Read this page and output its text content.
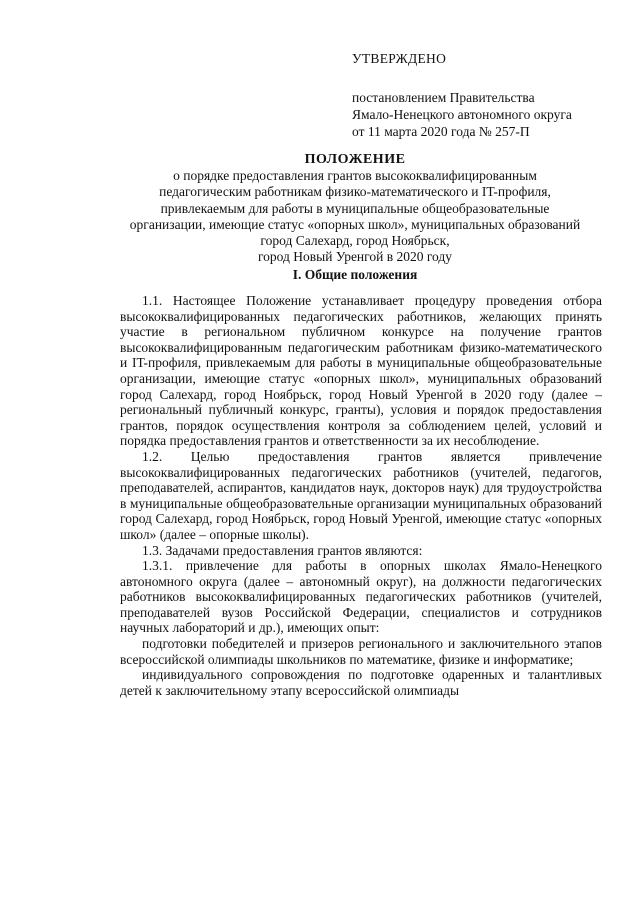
УТВЕРЖДЕНО
постановлением Правительства
Ямало-Ненецкого автономного округа
от 11 марта 2020 года № 257-П
ПОЛОЖЕНИЕ
о порядке предоставления грантов высококвалифицированным
педагогическим работникам физико-математического и IT-профиля,
привлекаемым для работы в муниципальные общеобразовательные
организации, имеющие статус «опорных школ», муниципальных образований
город Салехард, город Ноябрьск,
город Новый Уренгой в 2020 году
I. Общие положения

1.1. Настоящее Положение устанавливает процедуру проведения отбора высококвалифицированных педагогических работников, желающих принять участие в региональном публичном конкурсе на получение грантов высококвалифицированным педагогическим работникам физико-математического и IT-профиля, привлекаемым для работы в муниципальные общеобразовательные организации, имеющие статус «опорных школ», муниципальных образований город Салехард, город Ноябрьск, город Новый Уренгой в 2020 году (далее – региональный публичный конкурс, гранты), условия и порядок предоставления грантов, порядок осуществления контроля за соблюдением целей, условий и порядка предоставления грантов и ответственности за их несоблюдение.

1.2. Целью предоставления грантов является привлечение высококвалифицированных педагогических работников (учителей, педагогов, преподавателей, аспирантов, кандидатов наук, докторов наук) для трудоустройства в муниципальные общеобразовательные организации муниципальных образований город Салехард, город Ноябрьск, город Новый Уренгой, имеющие статус «опорных школ» (далее – опорные школы).

1.3. Задачами предоставления грантов являются:

1.3.1. привлечение для работы в опорных школах Ямало-Ненецкого автономного округа (далее – автономный округ), на должности педагогических работников высококвалифицированных педагогических работников (учителей, преподавателей вузов Российской Федерации, специалистов и сотрудников научных лабораторий и др.), имеющих опыт:

подготовки победителей и призеров регионального и заключительного этапов всероссийской олимпиады школьников по математике, физике и информатике;

индивидуального сопровождения по подготовке одаренных и талантливых детей к заключительному этапу всероссийской олимпиады
